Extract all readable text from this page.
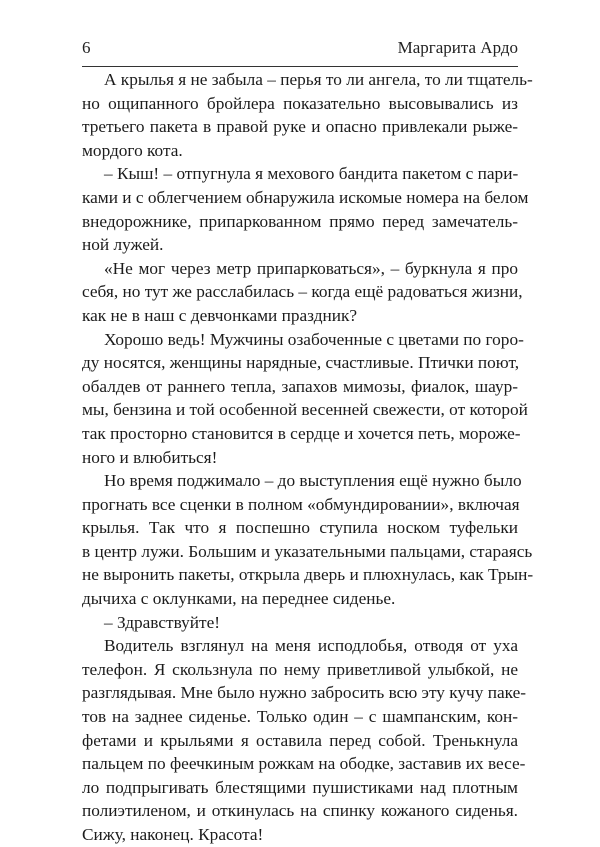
6	Маргарита Ардо
А крылья я не забыла – перья то ли ангела, то ли тщатель-
но ощипанного бройлера показательно высовывались из
третьего пакета в правой руке и опасно привлекали рыже-
мордого кота.
– Кыш! – отпугнула я мехового бандита пакетом с пари-
ками и с облегчением обнаружила искомые номера на белом
внедорожнике, припаркованном прямо перед замечатель-
ной лужей.
«Не мог через метр припарковаться», – буркнула я про
себя, но тут же расслабилась – когда ещё радоваться жизни,
как не в наш с девчонками праздник?
Хорошо ведь! Мужчины озабоченные с цветами по горо-
ду носятся, женщины нарядные, счастливые. Птички поют,
обалдев от раннего тепла, запахов мимозы, фиалок, шаур-
мы, бензина и той особенной весенней свежести, от которой
так просторно становится в сердце и хочется петь, мороже-
ного и влюбиться!
Но время поджимало – до выступления ещё нужно было
прогнать все сценки в полном «обмундировании», включая
крылья. Так что я поспешно ступила носком туфельки
в центр лужи. Большим и указательными пальцами, стараясь
не выронить пакеты, открыла дверь и плюхнулась, как Трын-
дычиха с оклунками, на переднее сиденье.
– Здравствуйте!
Водитель взглянул на меня исподлобья, отводя от уха
телефон. Я скользнула по нему приветливой улыбкой, не
разглядывая. Мне было нужно забросить всю эту кучу паке-
тов на заднее сиденье. Только один – с шампанским, кон-
фетами и крыльями я оставила перед собой. Тренькнула
пальцем по феечкиным рожкам на ободке, заставив их весе-
ло подпрыгивать блестящими пушистиками над плотным
полиэтиленом, и откинулась на спинку кожаного сиденья.
Сижу, наконец. Красота!
